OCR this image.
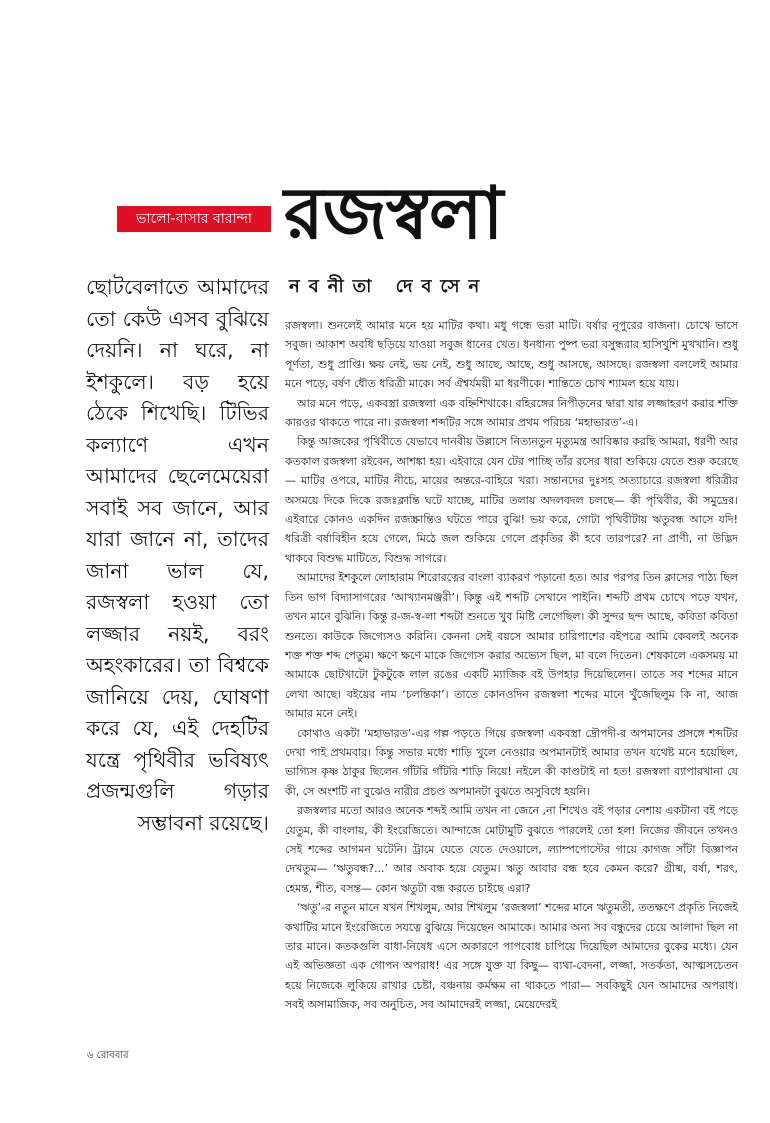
ভালো-বাসার বারান্দা রজস্বলা
নবনীতা দেবসেন
ছোটবেলাতে আমাদের তো কেউ এসব বুঝিয়ে দেয়নি। না ঘরে, না ইশকুলে। বড় হয়ে ঠেকে শিখেছি। টিভির কল্যাণে এখন আমাদের ছেলেমেয়েরা সবাই সব জানে, আর যারা জানে না, তাদের জানা ভাল যে, রজস্বলা হওয়া তো লজ্জার নয়ই, বরং অহংকারের। তা বিশ্বকে জানিয়ে দেয়, ঘোষণা করে যে, এই দেহটির যন্ত্রে পৃথিবীর ভবিষ্যৎ প্রজন্মগুলি গড়ার সম্ভাবনা রয়েছে।

রজস্বলা। শুনলেই আমার মনে হয় মাটির কথা। মধু গন্ধে ভরা মাটি। বর্ষার নূপুরের বাজনা। চোখে ভাসে সবুজ। আকাশ অবধি ছড়িয়ে যাওয়া সবুজ ধানের খেত। ধনধান্য পুষ্প ভরা বসুন্ধরার হাসিখুশি মুখখানি। শুধু পূর্ণতা, শুধু প্রাপ্তি। ক্ষয় নেই, ভয় নেই, শুধু আছে, আছে, শুধু আসছে, আসছে। রজস্বলা বললেই আমার মনে পড়ে, বর্ষণ ধৌত ধরিত্রী মাকে। সর্ব ঐশ্বর্যময়ী মা ধরণীকে। শান্তিতে চোখ শ্যামল হয়ে যায়।

আর মনে পড়ে, একবস্ত্রা রজস্বলা এক বহ্নিশিখাকে। বহিরঙ্গের নিপীড়নের দ্বারা যার লজ্জাহরণ করার শক্তি কারওর থাকতে পারে না। রজস্বলা শব্দটির সঙ্গে আমার প্রথম পরিচয় ‘মহাভারত’-এ।

কিন্তু আজকের পৃথিবীতে যেভাবে দানবীয় উল্লাসে নিত্যনতুন মৃত্যুমন্ত্র আবিষ্কার করছি আমরা, ধরণী আর কতকাল রজস্বলা রইবেন, আশঙ্কা হয়। এইবারে যেন টের পাচ্ছি তাঁর রসের ধারা শুকিয়ে যেতে শুরু করেছে— মাটির ওপরে, মাটির নীচে, মায়ের অন্তরে-বাহিরে খরা। সন্তানদের দুঃসহ অত্যাচারে রজস্বলা ধরিত্রীর অসময়ে দিকে দিকে রজঃক্লান্তি ঘটে যাচ্ছে, মাটির তলায় অদলবদল চলছে— কী পৃথিবীর, কী সমুদ্রের। এইবারে কোনও একদিন রজস্ক্রান্তিও ঘটতে পারে বুঝি! ভয় করে, গোটা পৃথিবীটায় ঋতুবন্ধ আসে যদি! ধরিত্রী বর্ষাবিহীন হয়ে গেলে, মিঠে জল শুকিয়ে গেলে প্রকৃতির কী হবে তারপরে? না প্রাণী, না উদ্ভিদ থাকবে বিশুদ্ধ মাটিতে, বিশুদ্ধ সাগরে।

আমাদের ইশকুলে লোহারাম শিরোরত্নের বাংলা ব্যাকরণ পড়ানো হত। আর পরপর তিন ক্লাসের পাঠ্য ছিল তিন ভাগ বিদ্যাসাগরের ‘আখ্যানমঞ্জরী’। কিন্তু এই শব্দটি সেখানে পাইনি। শব্দটি প্রথম চোখে পড়ে যখন, তখন মানে বুঝিনি। কিন্তু র-জ-স্ব-লা শব্দটা শুনতে খুব মিষ্টি লেগেছিল। কী সুন্দর ছন্দ আছে, কবিতা কবিতা শুনতে। কাউকে জিগ্যেসও করিনি। কেননা সেই বয়সে আমার চারিপাশের বইপত্রে আমি কেবলই অনেক শক্ত শক্ত শব্দ পেতুম। ক্ষণে ক্ষণে মাকে জিগ্যেস করার অভ্যেস ছিল, মা বলে দিতেন। শেষকালে একসময় মা আমাকে ছোটখাটো টুকটুকে লাল রঙের একটি ম্যাজিক বই উপহার দিয়েছিলেন। তাতে সব শব্দের মানে লেখা আছে। বইয়ের নাম ‘চলন্তিকা’। তাতে কোনওদিন রজস্বলা শব্দের মানে খুঁজেছিলুম কি না, আজ আমার মনে নেই।

কোথাও একটা ‘মহাভারত’-এর গল্প পড়তে গিয়ে রজস্বলা একবস্ত্রা দ্রৌপদী-র অপমানের প্রসঙ্গে শব্দটির দেখা পাই প্রথমবার। কিন্তু সভার মধ্যে শাড়ি খুলে নেওয়ার অপমানটাই আমার তখন যথেষ্ট মনে হয়েছিল, ভাগ্যিস কৃষ্ণ ঠাকুর ছিলেন গাঁটরি গাঁটরি শাড়ি নিয়ে! নইলে কী কাণ্ডটাই না হত! রজস্বলা ব্যাপারখানা যে কী, সে অংশটি না বুঝেও নারীর প্রচণ্ড অপমানটা বুঝতে অসুবিধে হয়নি।

রজস্বলার মতো আরও অনেক শব্দই আমি তখন না জেনে ,না শিখেও বই পড়ার নেশায় একটানা বই পড়ে যেতুম, কী বাংলায়, কী ইংরেজিতে। আন্দাজে মোটামুটি বুঝতে পারলেই তো হল! নিজের জীবনে তখনও সেই শব্দের আগমন ঘটেনি। ট্রামে যেতে যেতে দেওয়ালে, ল্যাম্পপোস্টের গায়ে কাগজ সাঁটা বিজ্ঞাপন দেখতুম— ‘ঋতুবন্ধ?...’ আর অবাক হয়ে যেতুম। ঋতু আবার বন্ধ হবে কেমন করে? গ্রীষ্ম, বর্ষা, শরৎ, হেমন্ত, শীত, বসন্ত— কোন ঋতুটা বন্ধ করতে চাইছে এরা?

‘ঋতু’-র নতুন মানে যখন শিখলুম, আর শিখলুম ‘রজস্বলা’ শব্দের মানে ঋতুমতী, ততক্ষণে প্রকৃতি নিজেই কথাটির মানে ইংরেজিতে সযত্নে বুঝিয়ে দিয়েছেন আমাকে। আমার অন্য সব বন্ধুদের চেয়ে আলাদা ছিল না তার মানে। কতকগুলি বাধা-নিষেধ এসে অকারণে পাপবোধ চাপিয়ে দিয়েছিল আমাদের বুকের মধ্যে। যেন এই অভিজ্ঞতা এক গোপন অপরাধ! এর সঙ্গে যুক্ত যা কিছু— ব্যথা-বেদনা, লজ্জা, সতর্কতা, আত্মসচেতন হয়ে নিজেকে লুকিয়ে রাখার চেষ্টা, বঞ্চনায় কর্মক্ষম না থাকতে পারা— সবকিছুই যেন আমাদের অপরাধ। সবই অসামাজিক, সব অনুচিত, সব আমাদেরই লজ্জা, মেয়েদেরই

৬ রোববার
